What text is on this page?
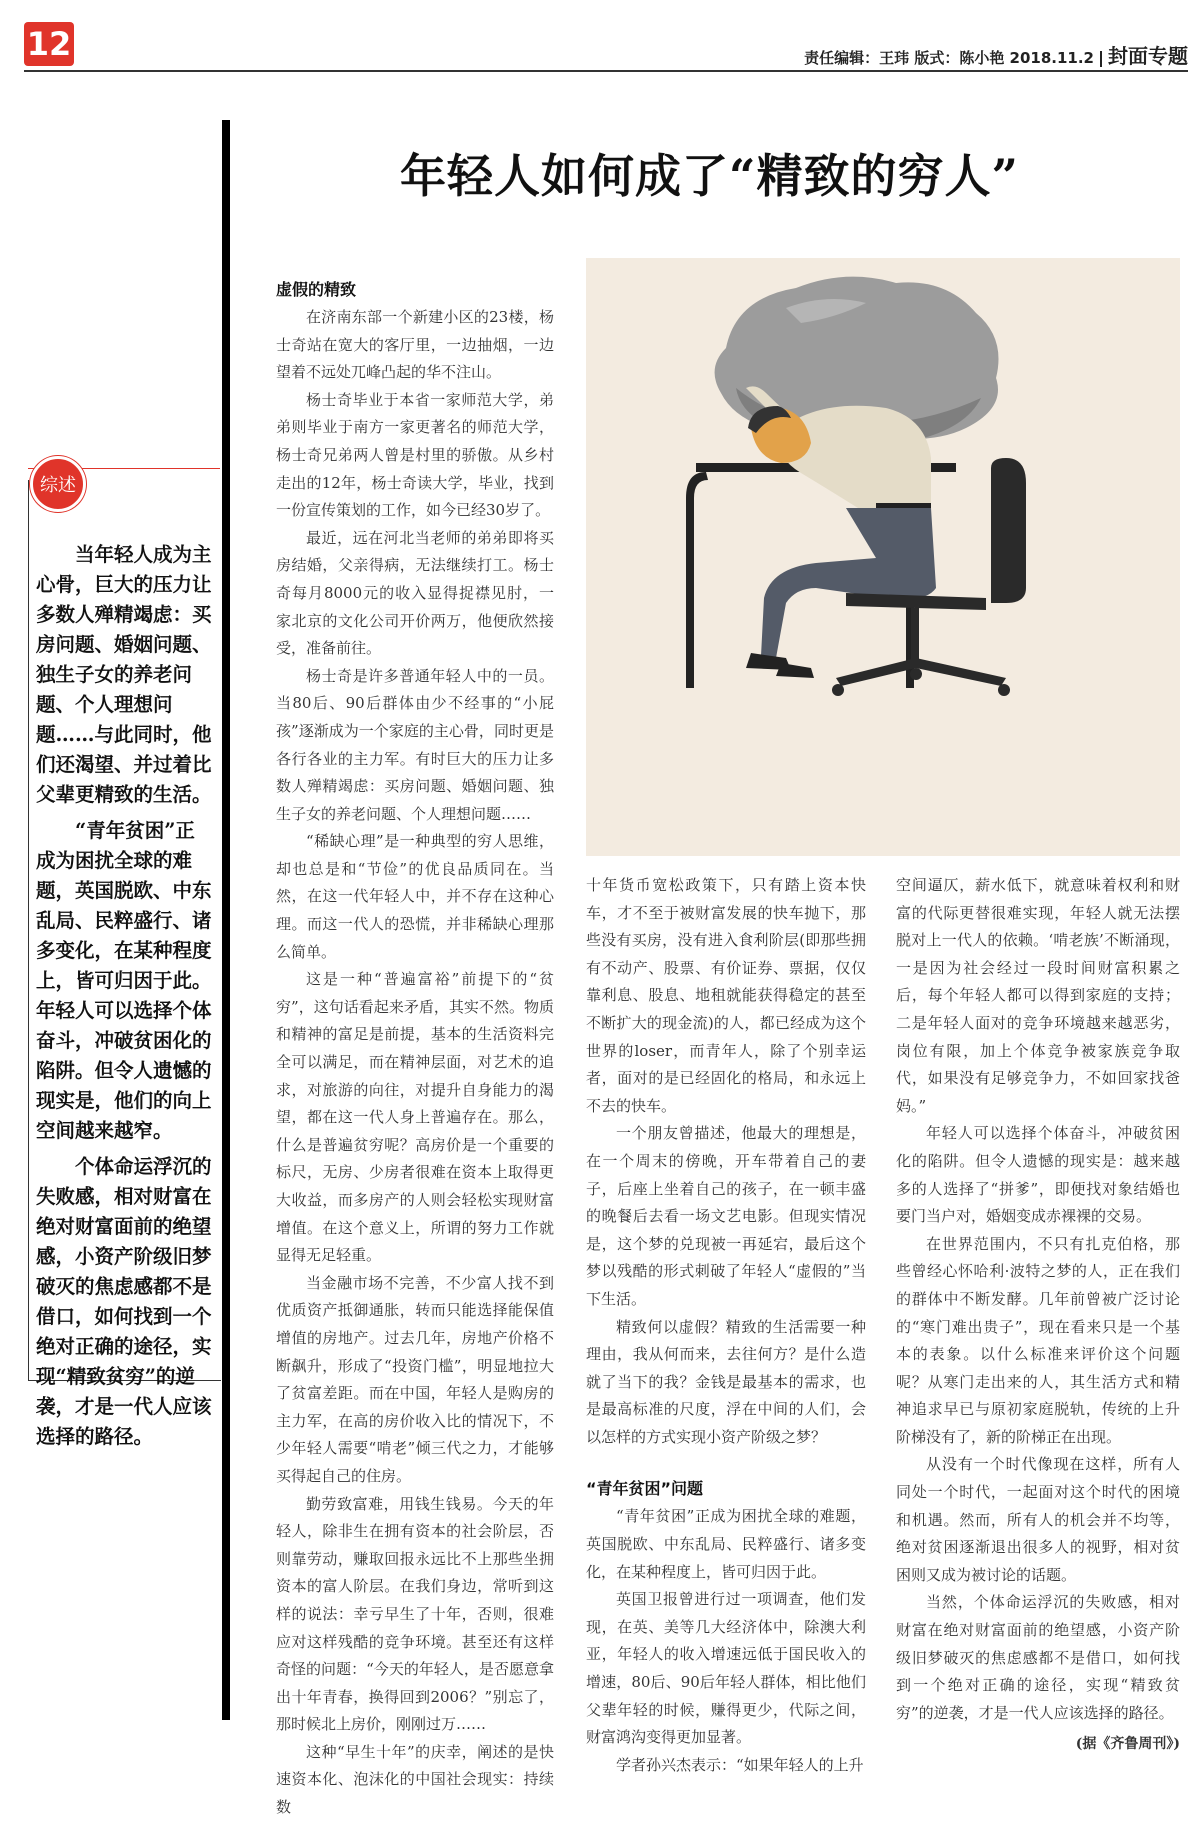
12	责任编辑：王玮 版式：陈小艳 2018.11.2 封面专题
年轻人如何成了“精致的穷人”
综述

当年轻人成为主心骨，巨大的压力让多数人殚精竭虑：买房问题、婚姻问题、独生子女的养老问题、个人理想问题……与此同时，他们还渴望、并过着比父辈更精致的生活。

“青年贫困”正成为困扰全球的难题，英国脱欧、中东乱局、民粹盛行、诸多变化，在某种程度上，皆可归因于此。年轻人可以选择个体奋斗，冲破贫困化的陷阱。但令人遗憾的现实是，他们的向上空间越来越窄。

个体命运浮沉的失败感，相对财富在绝对财富面前的绝望感，小资产阶级旧梦破灭的焦虑感都不是借口，如何找到一个绝对正确的途径，实现“精致贫穷”的逆袭，才是一代人应该选择的路径。

虚假的精致

在济南东部一个新建小区的23楼，杨士奇站在宽大的客厅里，一边抽烟，一边望着不远处兀峰凸起的华不注山。

杨士奇毕业于本省一家师范大学，弟弟则毕业于南方一家更著名的师范大学，杨士奇兄弟两人曾是村里的骄傲。从乡村走出的12年，杨士奇读大学，毕业，找到一份宣传策划的工作，如今已经30岁了。

最近，远在河北当老师的弟弟即将买房结婚，父亲得病，无法继续打工。杨士奇每月8000元的收入显得捉襟见肘，一家北京的文化公司开价两万，他便欣然接受，准备前往。

杨士奇是许多普通年轻人中的一员。当80后、90后群体由少不经事的“小屁孩”逐渐成为一个家庭的主心骨，同时更是各行各业的主力军。有时巨大的压力让多数人殚精竭虑：买房问题、婚姻问题、独生子女的养老问题、个人理想问题……

“稀缺心理”是一种典型的穷人思维，却也总是和“节俭”的优良品质同在。当然，在这一代年轻人中，并不存在这种心理。而这一代人的恐慌，并非稀缺心理那么简单。

这是一种“普遍富裕”前提下的“贫穷”，这句话看起来矛盾，其实不然。物质和精神的富足是前提，基本的生活资料完全可以满足，而在精神层面，对艺术的追求，对旅游的向往，对提升自身能力的渴望，都在这一代人身上普遍存在。那么，什么是普遍贫穷呢？高房价是一个重要的标尺，无房、少房者很难在资本上取得更大收益，而多房产的人则会轻松实现财富增值。在这个意义上，所谓的努力工作就显得无足轻重。

当金融市场不完善，不少富人找不到优质资产抵御通胀，转而只能选择能保值增值的房地产。过去几年，房地产价格不断飙升，形成了“投资门槛”，明显地拉大了贫富差距。而在中国，年轻人是购房的主力军，在高的房价收入比的情况下，不少年轻人需要“啃老”倾三代之力，才能够买得起自己的住房。

勤劳致富难，用钱生钱易。今天的年轻人，除非生在拥有资本的社会阶层，否则靠劳动，赚取回报永远比不上那些坐拥资本的富人阶层。在我们身边，常听到这样的说法：幸亏早生了十年，否则，很难应对这样残酷的竞争环境。甚至还有这样奇怪的问题：“今天的年轻人，是否愿意拿出十年青春，换得回到2006？”别忘了，那时候北上房价，刚刚过万……

这种“早生十年”的庆幸，阐述的是快速资本化、泡沫化的中国社会现实：持续数

十年货币宽松政策下，只有踏上资本快车，才不至于被财富发展的快车抛下，那些没有买房，没有进入食利阶层(即那些拥有不动产、股票、有价证券、票据，仅仅靠利息、股息、地租就能获得稳定的甚至不断扩大的现金流)的人，都已经成为这个世界的loser，而青年人，除了个别幸运者，面对的是已经固化的格局，和永远上不去的快车。

一个朋友曾描述，他最大的理想是，在一个周末的傍晚，开车带着自己的妻子，后座上坐着自己的孩子，在一顿丰盛的晚餐后去看一场文艺电影。但现实情况是，这个梦的兑现被一再延宕，最后这个梦以残酷的形式刺破了年轻人“虚假的”当下生活。

精致何以虚假？精致的生活需要一种理由，我从何而来，去往何方？是什么造就了当下的我？金钱是最基本的需求，也是最高标准的尺度，浮在中间的人们，会以怎样的方式实现小资产阶级之梦？

“青年贫困”问题

“青年贫困”正成为困扰全球的难题，英国脱欧、中东乱局、民粹盛行、诸多变化，在某种程度上，皆可归因于此。

英国卫报曾进行过一项调查，他们发现，在英、美等几大经济体中，除澳大利亚，年轻人的收入增速远低于国民收入的增速，80后、90后年轻人群体，相比他们父辈年轻的时候，赚得更少，代际之间，财富鸿沟变得更加显著。

学者孙兴杰表示：“如果年轻人的上升

空间逼仄，薪水低下，就意味着权利和财富的代际更替很难实现，年轻人就无法摆脱对上一代人的依赖。‘啃老族’不断涌现，一是因为社会经过一段时间财富积累之后，每个年轻人都可以得到家庭的支持；二是年轻人面对的竞争环境越来越恶劣，岗位有限，加上个体竞争被家族竞争取代，如果没有足够竞争力，不如回家找爸妈。”

年轻人可以选择个体奋斗，冲破贫困化的陷阱。但令人遗憾的现实是：越来越多的人选择了“拼爹”，即便找对象结婚也要门当户对，婚姻变成赤裸裸的交易。

在世界范围内，不只有扎克伯格，那些曾经心怀哈利·波特之梦的人，正在我们的群体中不断发酵。几年前曾被广泛讨论的“寒门难出贵子”，现在看来只是一个基本的表象。以什么标准来评价这个问题呢？从寒门走出来的人，其生活方式和精神追求早已与原初家庭脱轨，传统的上升阶梯没有了，新的阶梯正在出现。

从没有一个时代像现在这样，所有人同处一个时代，一起面对这个时代的困境和机遇。然而，所有人的机会并不均等，绝对贫困逐渐退出很多人的视野，相对贫困则又成为被讨论的话题。

当然，个体命运浮沉的失败感，相对财富在绝对财富面前的绝望感，小资产阶级旧梦破灭的焦虑感都不是借口，如何找到一个绝对正确的途径，实现“精致贫穷”的逆袭，才是一代人应该选择的路径。

(据《齐鲁周刊》)
